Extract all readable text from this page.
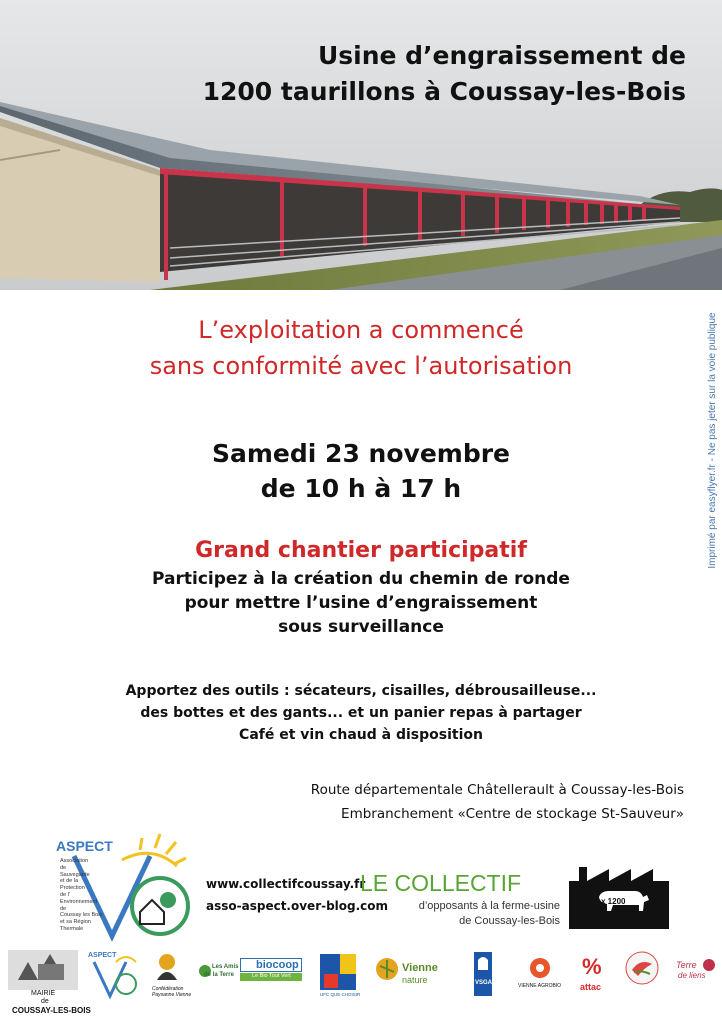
Usine d’engraissement de
1200 taurillons à Coussay-les-Bois
Imprimé par easyflyer.fr - Ne pas jeter sur la voie publique
L’exploitation a commencé
sans conformité avec l’autorisation
Samedi 23 novembre
de 10 h à 17 h
Grand chantier participatif
Participez à la création du chemin de ronde
pour mettre l’usine d’engraissement
sous surveillance
Apportez des outils : sécateurs, cisailles, débrousailleuse...
des bottes et des gants... et un panier repas à partager
Café et vin chaud à disposition
Route départementale Châtellerault à Coussay-les-Bois
Embranchement «Centre de stockage St-Sauveur»
ASPECT
Association
de
Sauvegarde
et de la
Protection
de l'
Environnement
de
Coussay les Bois
et sa Région
Thermale
www.collectifcoussay.fr
asso-aspect.over-blog.com
LE COLLECTIF
d’opposants à la ferme-usine
de Coussay-les-Bois
x 1200
MAIRIE
de
COUSSAY-LES-BOIS
ASPECT
Confédération Paysanne Vienne
Les Amis
de la Terre
biocoop
Le Bio Tout Vert
UFC QUE CHOISIR
Vienne
nature	VSGA	VIENNE AGROBIO
%
attac
Terre
de liens
